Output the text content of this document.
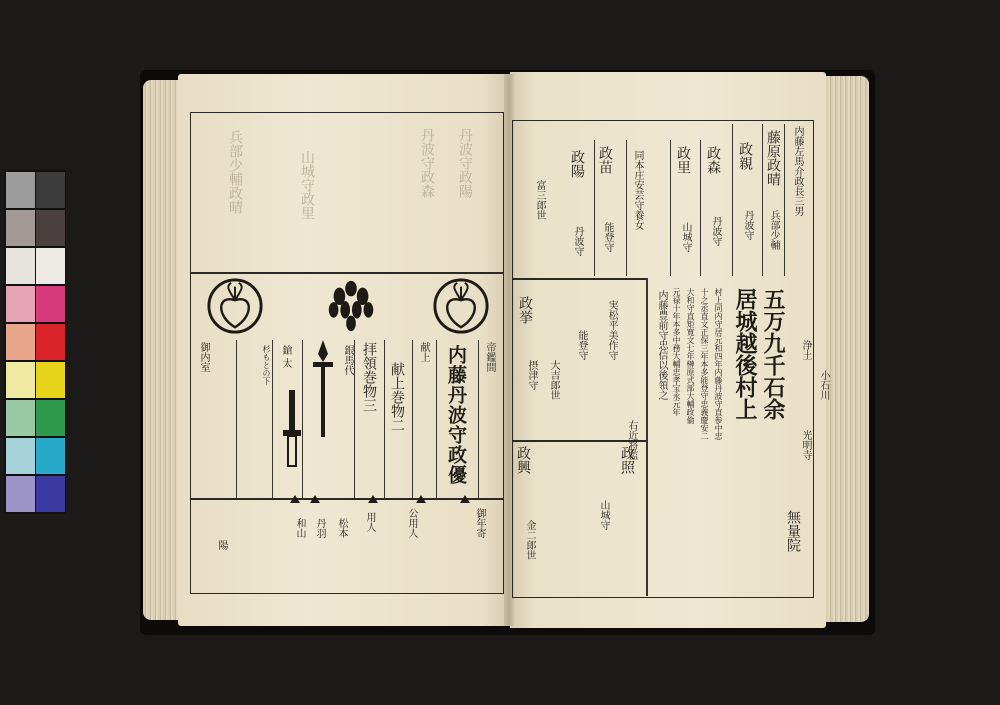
丹波守政陽
丹波守政森
山城守政里
兵部少輔政晴
内藤丹波守政優 帝鑑間
献上
献上巻物二
拝領巻物三
銀馬代
鎗 太
杉もとの下
御内室
御年寄
用人
松本
丹羽
和山	公用人
陽
内藤左馬介政長三男
藤原政晴
兵部少輔
政親
丹波守
政森
丹波守
政里
山城守
同本庄安芸守養女
政苗
能登守
政陽
丹波守
富三郎世
五万九千石余
居城越後村上	浄土
小石川
光明寺
無量院
内藤豊前守忠信以後領之	村上同内守居元和四年内藤丹波守直参中忠
十之丞直文正保三年本多能登守忠義慶安二
大和守直矩寛文七年榊原式部大輔政倫
元禄十年本多中務大輔忠孝宝永元年
右近将監
実松平美作守
能登守
大吉郎世
政挙
摂津守
政照
山城守
政興
金二郎世
